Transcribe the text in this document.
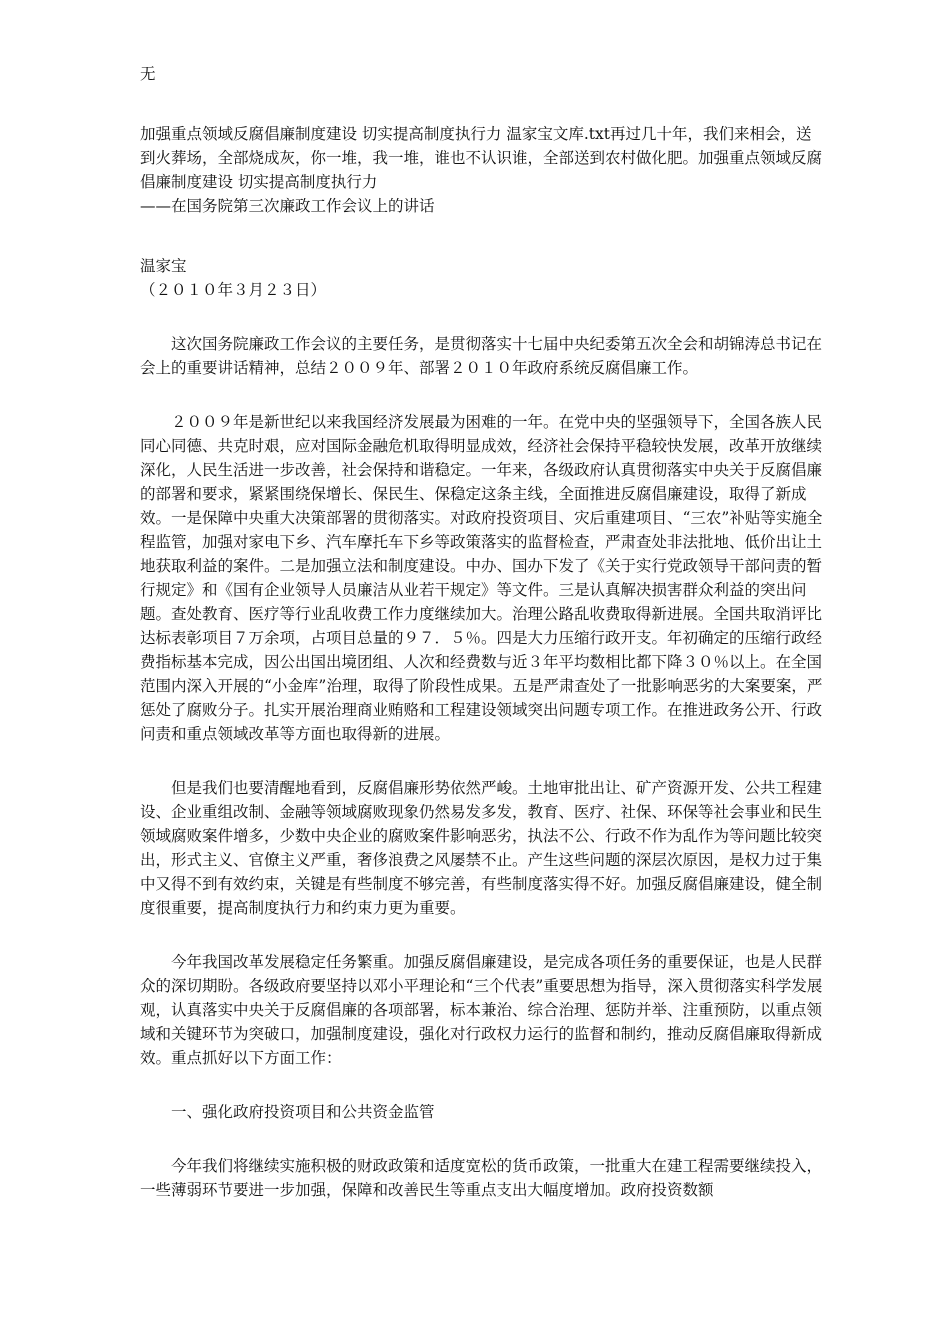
无

加强重点领域反腐倡廉制度建设 切实提高制度执行力 温家宝文库.txt再过几十年，我们来相会，送到火葬场，全部烧成灰，你一堆，我一堆，谁也不认识谁，全部送到农村做化肥。加强重点领域反腐倡廉制度建设 切实提高制度执行力

——在国务院第三次廉政工作会议上的讲话

温家宝

（２０１０年３月２３日）

这次国务院廉政工作会议的主要任务，是贯彻落实十七届中央纪委第五次全会和胡锦涛总书记在会上的重要讲话精神，总结２００９年、部署２０１０年政府系统反腐倡廉工作。

２００９年是新世纪以来我国经济发展最为困难的一年。在党中央的坚强领导下，全国各族人民同心同德、共克时艰，应对国际金融危机取得明显成效，经济社会保持平稳较快发展，改革开放继续深化，人民生活进一步改善，社会保持和谐稳定。一年来，各级政府认真贯彻落实中央关于反腐倡廉的部署和要求，紧紧围绕保增长、保民生、保稳定这条主线，全面推进反腐倡廉建设，取得了新成效。一是保障中央重大决策部署的贯彻落实。对政府投资项目、灾后重建项目、“三农”补贴等实施全程监管，加强对家电下乡、汽车摩托车下乡等政策落实的监督检查，严肃查处非法批地、低价出让土地获取利益的案件。二是加强立法和制度建设。中办、国办下发了《关于实行党政领导干部问责的暂行规定》和《国有企业领导人员廉洁从业若干规定》等文件。三是认真解决损害群众利益的突出问题。查处教育、医疗等行业乱收费工作力度继续加大。治理公路乱收费取得新进展。全国共取消评比达标表彰项目７万余项，占项目总量的９７．５％。四是大力压缩行政开支。年初确定的压缩行政经费指标基本完成，因公出国出境团组、人次和经费数与近３年平均数相比都下降３０％以上。在全国范围内深入开展的“小金库”治理，取得了阶段性成果。五是严肃查处了一批影响恶劣的大案要案，严惩处了腐败分子。扎实开展治理商业贿赂和工程建设领域突出问题专项工作。在推进政务公开、行政问责和重点领域改革等方面也取得新的进展。

但是我们也要清醒地看到，反腐倡廉形势依然严峻。土地审批出让、矿产资源开发、公共工程建设、企业重组改制、金融等领域腐败现象仍然易发多发，教育、医疗、社保、环保等社会事业和民生领域腐败案件增多，少数中央企业的腐败案件影响恶劣，执法不公、行政不作为乱作为等问题比较突出，形式主义、官僚主义严重，奢侈浪费之风屡禁不止。产生这些问题的深层次原因，是权力过于集中又得不到有效约束，关键是有些制度不够完善，有些制度落实得不好。加强反腐倡廉建设，健全制度很重要，提高制度执行力和约束力更为重要。

今年我国改革发展稳定任务繁重。加强反腐倡廉建设，是完成各项任务的重要保证，也是人民群众的深切期盼。各级政府要坚持以邓小平理论和“三个代表”重要思想为指导，深入贯彻落实科学发展观，认真落实中央关于反腐倡廉的各项部署，标本兼治、综合治理、惩防并举、注重预防，以重点领域和关键环节为突破口，加强制度建设，强化对行政权力运行的监督和制约，推动反腐倡廉取得新成效。重点抓好以下方面工作：

一、强化政府投资项目和公共资金监管

今年我们将继续实施积极的财政政策和适度宽松的货币政策，一批重大在建工程需要继续投入，一些薄弱环节要进一步加强，保障和改善民生等重点支出大幅度增加。政府投资数额
